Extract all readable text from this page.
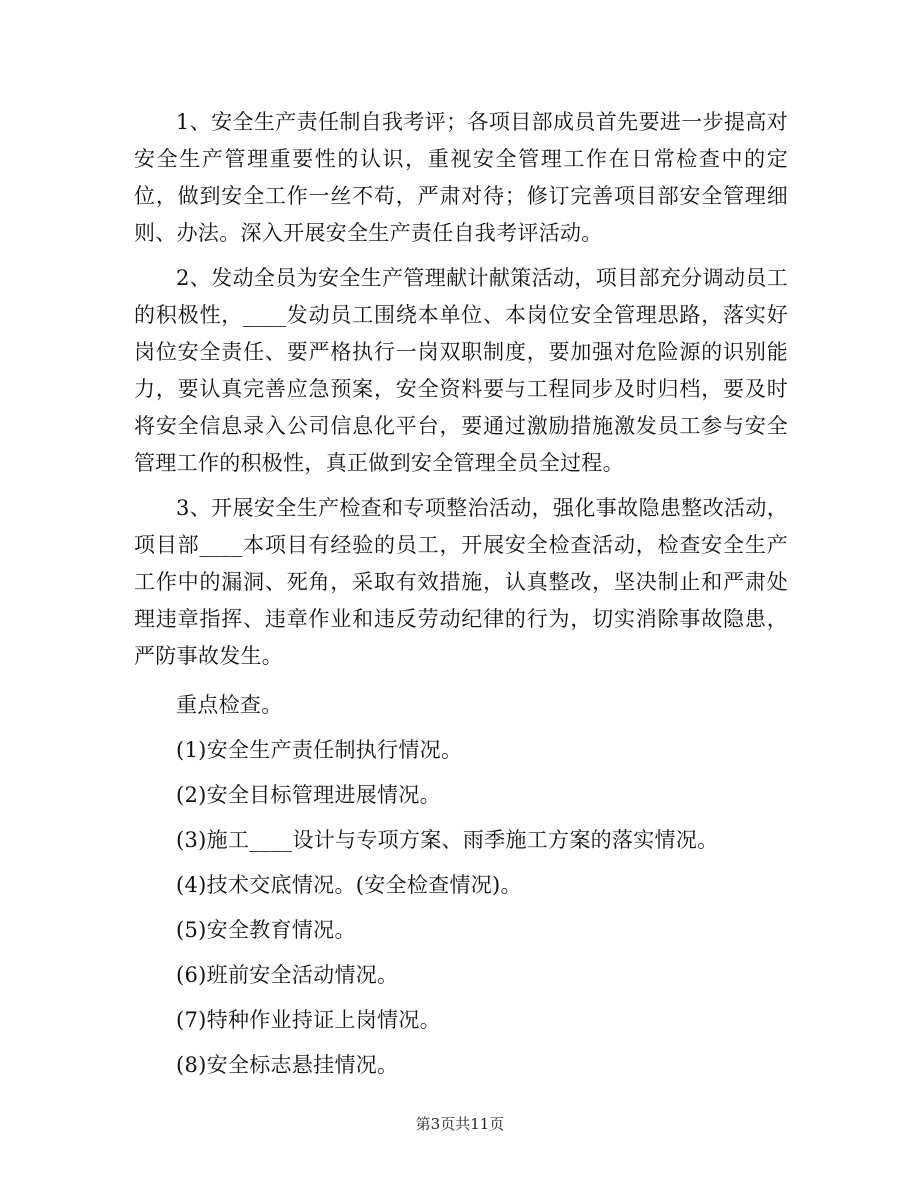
1、安全生产责任制自我考评；各项目部成员首先要进一步提高对安全生产管理重要性的认识，重视安全管理工作在日常检查中的定位，做到安全工作一丝不苟，严肃对待；修订完善项目部安全管理细则、办法。深入开展安全生产责任自我考评活动。

2、发动全员为安全生产管理献计献策活动，项目部充分调动员工的积极性，____发动员工围绕本单位、本岗位安全管理思路，落实好岗位安全责任、要严格执行一岗双职制度，要加强对危险源的识别能力，要认真完善应急预案，安全资料要与工程同步及时归档，要及时将安全信息录入公司信息化平台，要通过激励措施激发员工参与安全管理工作的积极性，真正做到安全管理全员全过程。

3、开展安全生产检查和专项整治活动，强化事故隐患整改活动，项目部____本项目有经验的员工，开展安全检查活动，检查安全生产工作中的漏洞、死角，采取有效措施，认真整改，坚决制止和严肃处理违章指挥、违章作业和违反劳动纪律的行为，切实消除事故隐患，严防事故发生。

重点检查。

(1)安全生产责任制执行情况。

(2)安全目标管理进展情况。

(3)施工____设计与专项方案、雨季施工方案的落实情况。

(4)技术交底情况。(安全检查情况)。

(5)安全教育情况。

(6)班前安全活动情况。

(7)特种作业持证上岗情况。

(8)安全标志悬挂情况。

第3页共11页
